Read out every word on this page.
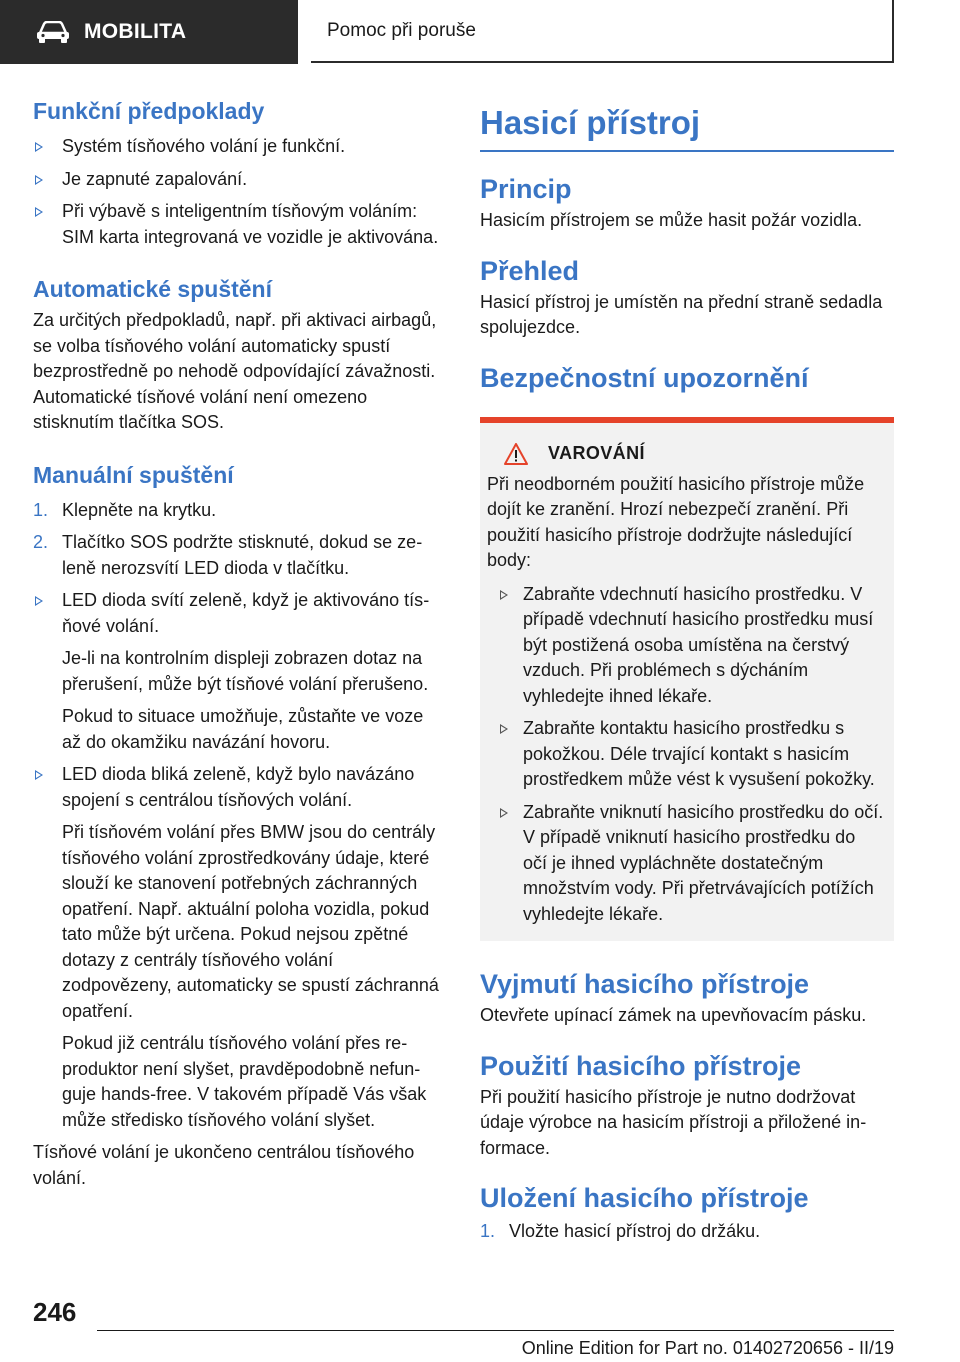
MOBILITA	Pomoc při poruše
Funkční předpoklady
Systém tísňového volání je funkční.
Je zapnuté zapalování.
Při výbavě s inteligentním tísňovým voláním: SIM karta integrovaná ve vozidle je aktivována.
Automatické spuštění

Za určitých předpokladů, např. při aktivaci airbagů, se volba tísňového volání automaticky spustí bezprostředně po nehodě odpovídající závažnosti. Automatické tísňové volání není omezeno stisknutím tlačítka SOS.

Manuální spuštění
1. Klepněte na krytku.
2. Tlačítko SOS podržte stisknuté, dokud se zeleně nerozsvítí LED dioda v tlačítku.
LED dioda svítí zeleně, když je aktivováno tísňové volání.
Je-li na kontrolním displeji zobrazen dotaz na přerušení, může být tísňové volání přerušeno.
Pokud to situace umožňuje, zůstaňte ve voze až do okamžiku navázání hovoru.
LED dioda bliká zeleně, když bylo navázáno spojení s centrálou tísňových volání.
Při tísňovém volání přes BMW jsou do centrály tísňového volání zprostředkovány údaje, které slouží ke stanovení potřebných záchranných opatření. Např. aktuální poloha vozidla, pokud tato může být určena. Pokud nejsou zpětné dotazy z centrály tísňového volání zodpovězeny, automaticky se spustí záchranná opatření.
Pokud již centrálu tísňového volání přes reproduktor není slyšet, pravděpodobně nefunguje hands-free. V takovém případě Vás však může středisko tísňového volání slyšet.

Tísňové volání je ukončeno centrálou tísňového volání.

Hasicí přístroj
Princip

Hasicím přístrojem se může hasit požár vozidla.

Přehled

Hasicí přístroj je umístěn na přední straně sedadla spolujezdce.

Bezpečnostní upozornění
VAROVÁNÍ

Při neodborném použití hasicího přístroje může dojít ke zranění. Hrozí nebezpečí zranění. Při použití hasicího přístroje dodržujte následující body:

Zabraňte vdechnutí hasicího prostředku. V případě vdechnutí hasicího prostředku musí být postižená osoba umístěna na čerstvý vzduch. Při problémech s dýcháním vyhledejte ihned lékaře.
Zabraňte kontaktu hasicího prostředku s pokožkou. Déle trvající kontakt s hasicím prostředkem může vést k vysušení pokožky.
Zabraňte vniknutí hasicího prostředku do očí. V případě vniknutí hasicího prostředku do očí je ihned vypláchněte dostatečným množstvím vody. Při přetrvávajících potížích vyhledejte lékaře.
Vyjmutí hasicího přístroje

Otevřete upínací zámek na upevňovacím pásku.

Použití hasicího přístroje

Při použití hasicího přístroje je nutno dodržovat údaje výrobce na hasicím přístroji a přiložené informace.

Uložení hasicího přístroje
1. Vložte hasicí přístroj do držáku.
246
Online Edition for Part no. 01402720656 - II/19
